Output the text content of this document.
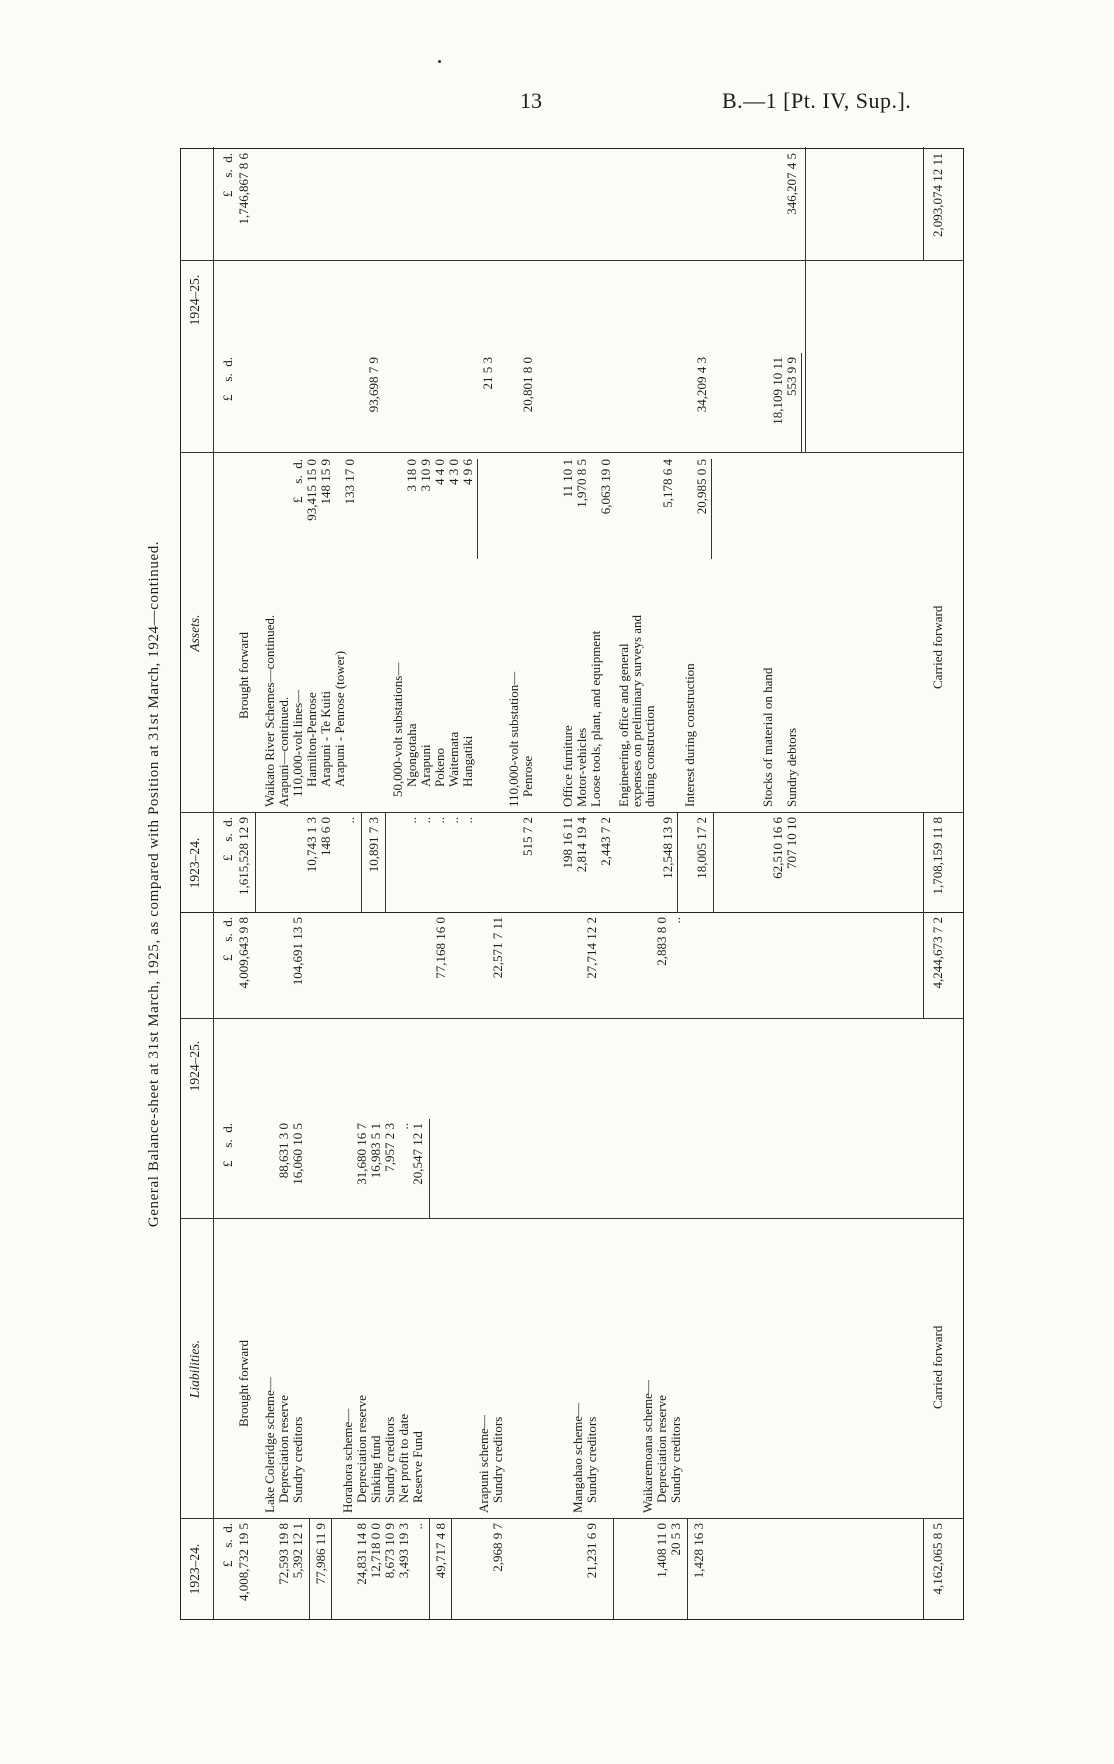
13	B.—1 [Pt. IV, Sup.].
General Balance-sheet at 31st March, 1925, as compared with Position at 31st March, 1924—continued.
1923–24.
Liabilities.
1924–25.
1923–24.
Assets.
1924–25.
£    s.  d.
£    s.  d.
£    s.  d.
£    s.  d.
£    s.  d.
£    s.  d.
4,008,732 19 5
Brought forward
4,009,643 9 8
Lake Coleridge scheme—
72,593 19 8
Depreciation reserve
88,631 3 0
5,392 12 1
Sundry creditors
16,060 10 5
77,986 11 9
104,691 13 5
Horahora scheme—
24,831 14 8
Depreciation reserve
31,680 16 7
12,718 0 0
Sinking fund
16,983 5 1
8,673 10 9
Sundry creditors
7,957 2 3
3,493 19 3
Net profit to date
..
..
Reserve Fund
20,547 12 1
49,717 4 8
77,168 16 0
Arapuni scheme—
2,968 9 7
Sundry creditors
22,571 7 11
Mangahao scheme—
21,231 6 9
Sundry creditors
27,714 12 2
Waikaremoana scheme—
1,408 11 0
Depreciation reserve
2,883 8 0
20 5 3
Sundry creditors
..
1,428 16 3	4,162,065 8 5
Carried forward
4,244,673 7 2
1,615,528 12 9
Brought forward
1,746,867 8 6
Waikato River Schemes—continued. Arapuni—continued. 110,000-volt lines—
£    s.  d.
10,743 1 3
Hamilton-Penrose
93,415 15 0
148 6 0
Arapuni - Te Kuiti
148 15 9
..
Arapuni - Penrose (tower)
133 17 0
10,891 7 3
93,698 7 9
50,000-volt substations—
..
Ngongotaha
3 18 0
..
Arapuni
3 10 9
..
Pokeno
4 4 0
..
Waitemata
4 3 0
..
Hangatiki
4 9 6
21 5 3
110,000-volt substation—
515 7 2
Penrose
20,801 8 0
198 16 11
Office furniture
11 10 1
2,814 19 4
Motor-vehicles
1,970 8 5
2,443 7 2
Loose tools, plant, and equipment
6,063 19 0
12,548 13 9
Engineering, office and general expenses on preliminary surveys and during construction
5,178 6 4
18,005 17 2
Interest during construction
20,985 0 5
34,209 4 3
62,510 16 6
Stocks of material on hand
18,109 10 11
707 10 10
Sundry debtors
553 9 9
346,207 4 5
1,708,159 11 8
Carried forward
2,093,074 12 11
